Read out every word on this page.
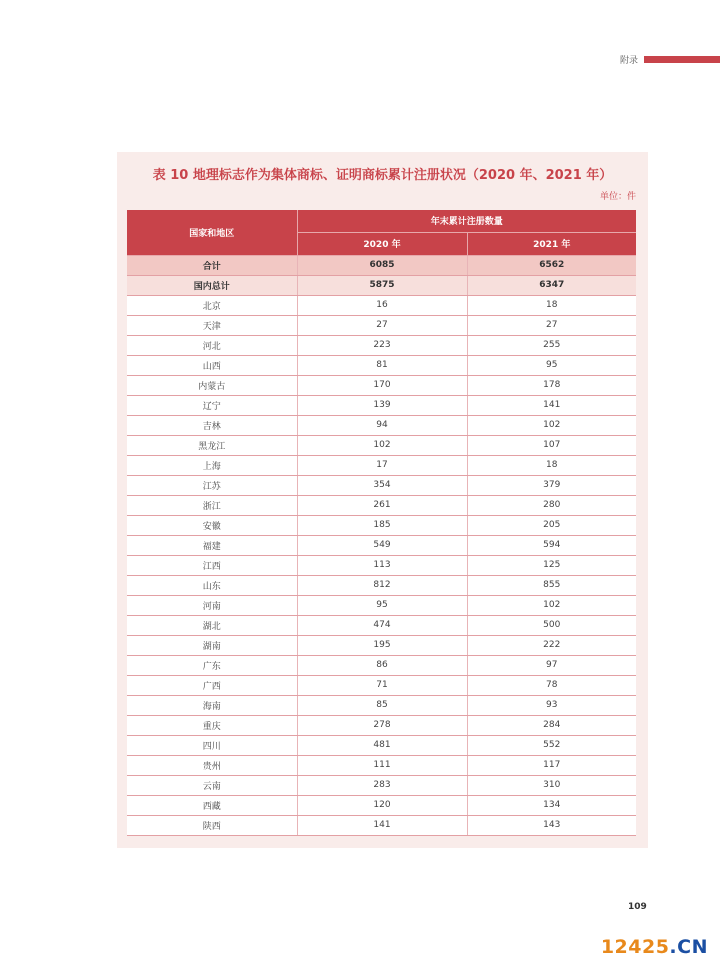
附录
表 10 地理标志作为集体商标、证明商标累计注册状况（2020 年、2021 年）
单位：件
国家和地区	年末累计注册数量	
	2020 年	2021 年
合计	6085	6562
国内总计	5875	6347
北京	16	18
天津	27	27
河北	223	255
山西	81	95
内蒙古	170	178
辽宁	139	141
吉林	94	102
黑龙江	102	107
上海	17	18
江苏	354	379
浙江	261	280
安徽	185	205
福建	549	594
江西	113	125
山东	812	855
河南	95	102
湖北	474	500
湖南	195	222
广东	86	97
广西	71	78
海南	85	93
重庆	278	284
四川	481	552
贵州	111	117
云南	283	310
西藏	120	134
陕西	141	143
109
12425.CN
